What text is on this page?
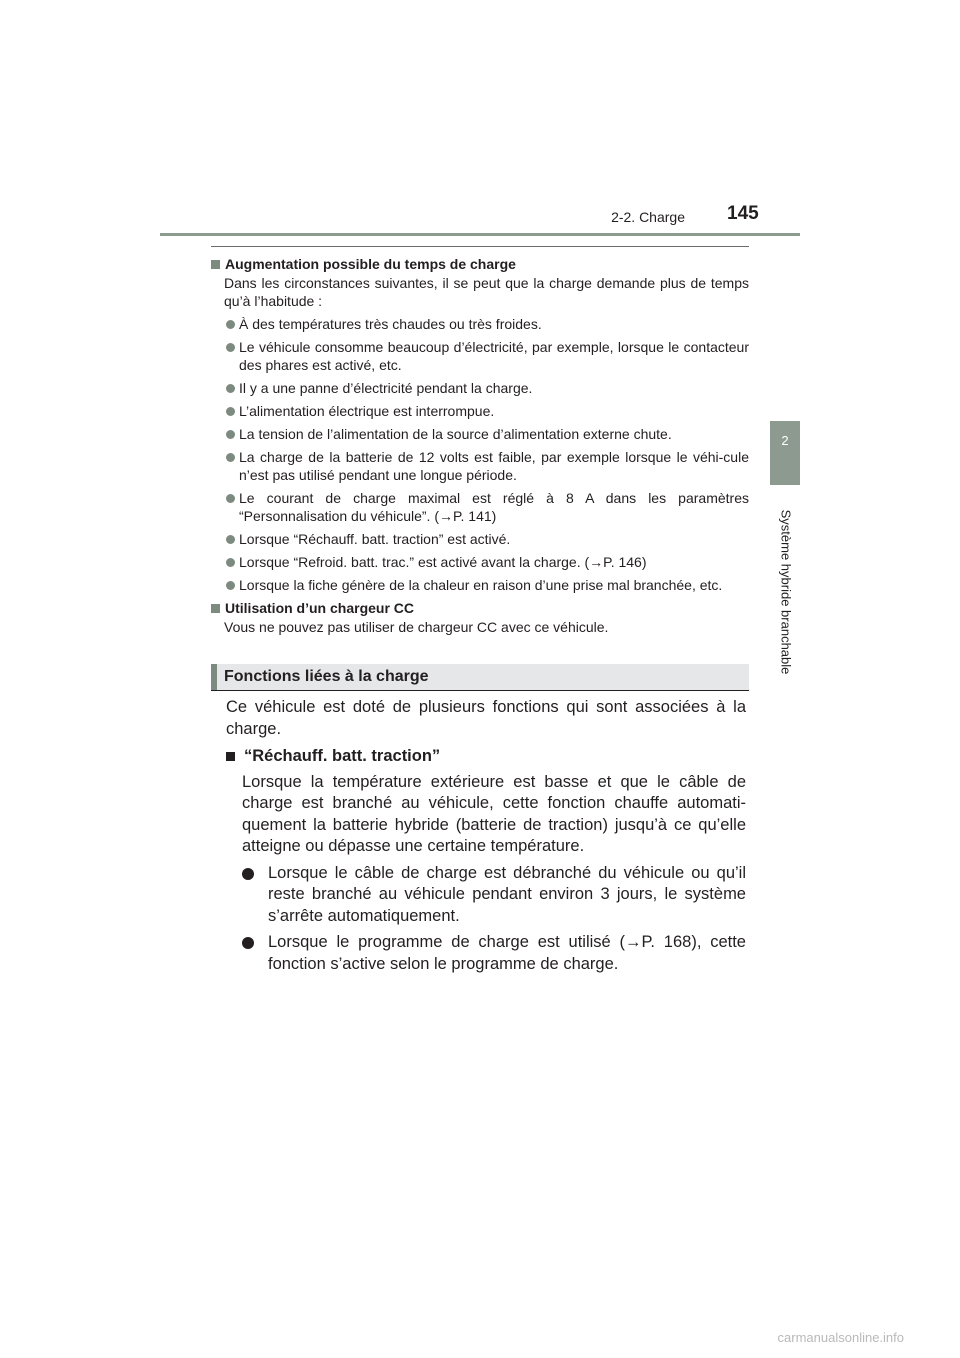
2-2. Charge 145
2
Système hybride branchable
Augmentation possible du temps de charge

Dans les circonstances suivantes, il se peut que la charge demande plus de temps qu’à l’habitude :

À des températures très chaudes ou très froides.
Le véhicule consomme beaucoup d’électricité, par exemple, lorsque le contacteur des phares est activé, etc.
Il y a une panne d’électricité pendant la charge.
L’alimentation électrique est interrompue.
La tension de l’alimentation de la source d’alimentation externe chute.
La charge de la batterie de 12 volts est faible, par exemple lorsque le véhi-cule n’est pas utilisé pendant une longue période.
Le courant de charge maximal est réglé à 8 A dans les paramètres “Personnalisation du véhicule”. (→P. 141)
Lorsque “Réchauff. batt. traction” est activé.
Lorsque “Refroid. batt. trac.” est activé avant la charge. (→P. 146)
Lorsque la fiche génère de la chaleur en raison d’une prise mal branchée, etc.
Utilisation d’un chargeur CC

Vous ne pouvez pas utiliser de chargeur CC avec ce véhicule.

Fonctions liées à la charge

Ce véhicule est doté de plusieurs fonctions qui sont associées à la charge.

“Réchauff. batt. traction”

Lorsque la température extérieure est basse et que le câble de charge est branché au véhicule, cette fonction chauffe automati-quement la batterie hybride (batterie de traction) jusqu’à ce qu’elle atteigne ou dépasse une certaine température.

Lorsque le câble de charge est débranché du véhicule ou qu’il reste branché au véhicule pendant environ 3 jours, le système s’arrête automatiquement.
Lorsque le programme de charge est utilisé (→P. 168), cette fonction s’active selon le programme de charge.
carmanualsonline.info
